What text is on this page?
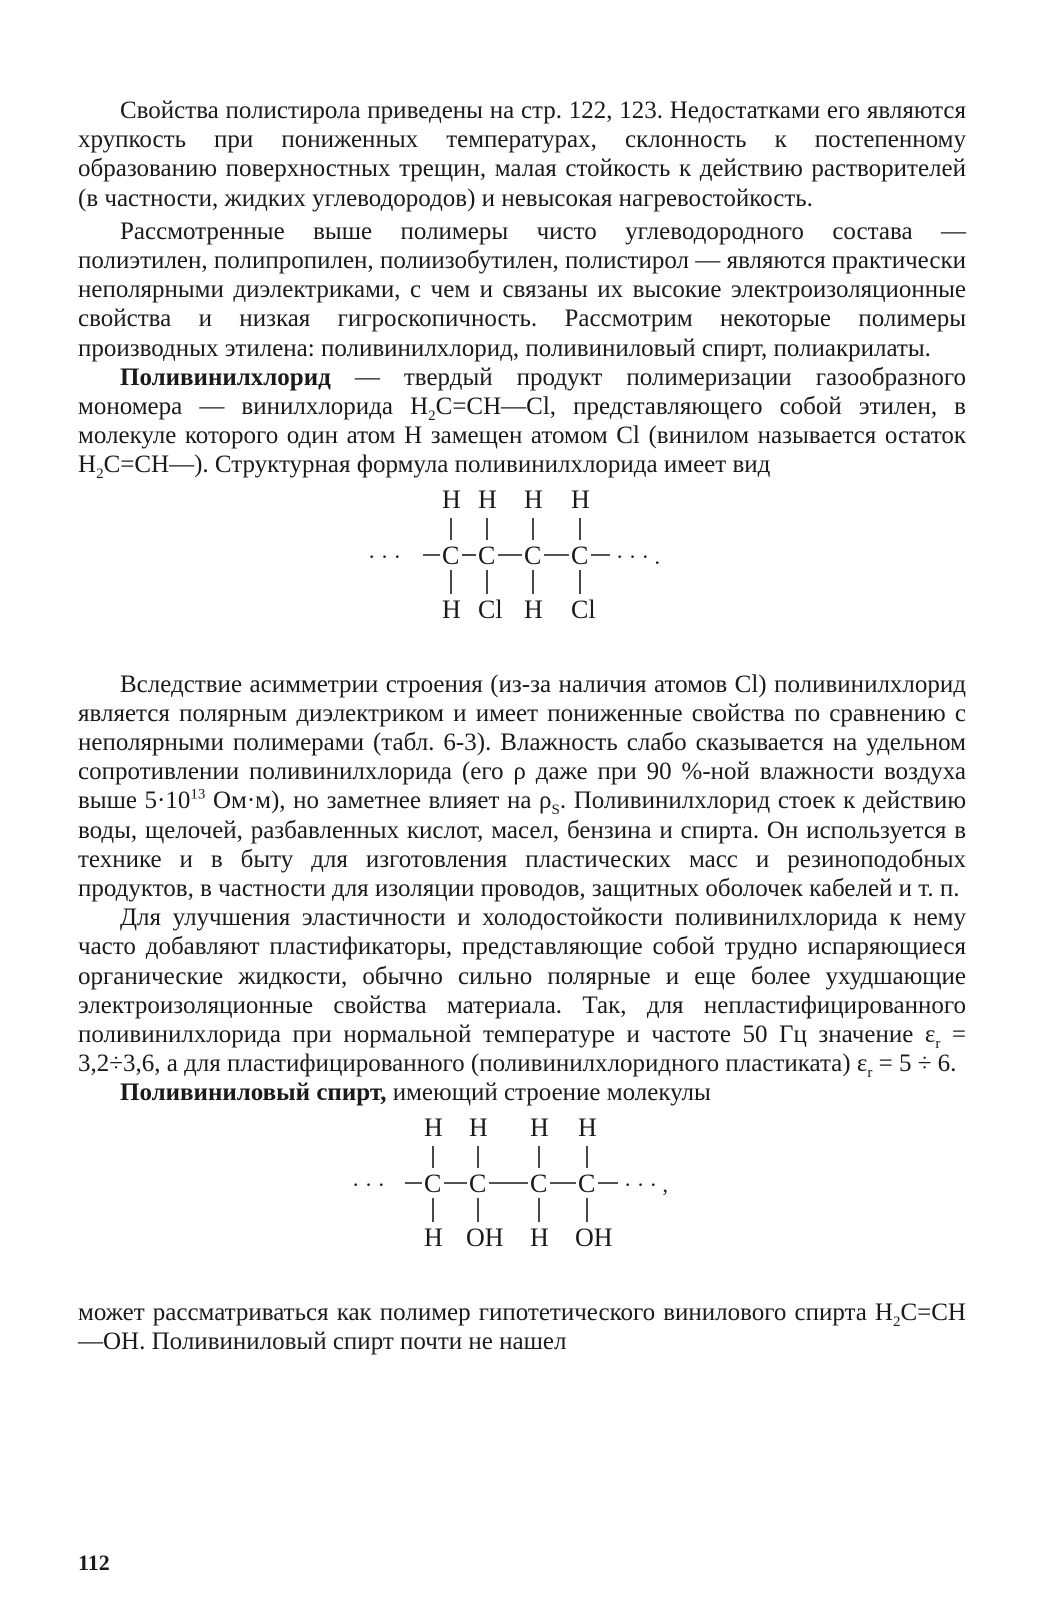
Свойства полистирола приведены на стр. 122, 123. Недостатками его являются хрупкость при пониженных температурах, склонность к постепенному образованию поверхностных трещин, малая стойкость к действию растворителей (в частности, жидких углеводородов) и невысокая нагревостойкость.

Рассмотренные выше полимеры чисто углеводородного состава — полиэтилен, полипропилен, полиизобутилен, полистирол — являются практически неполярными диэлектриками, с чем и связаны их высокие электроизоляционные свойства и низкая гигроскопичность. Рассмотрим некоторые полимеры производных этилена: поливинилхлорид, поливиниловый спирт, полиакрилаты.

Поливинилхлорид — твердый продукт полимеризации газообразного мономера — винилхлорида $H_2C=CH—Cl$, представляющего собой этилен, в молекуле которого один атом H замещен атомом Cl (винилом называется остаток $H_2C=CH—$). Структурная формула поливинилхлорида имеет вид

H H H H
· · · C C C C · · · .
H Cl H Cl

Вследствие асимметрии строения (из-за наличия атомов Cl) поливинилхлорид является полярным диэлектриком и имеет пониженные свойства по сравнению с неполярными полимерами (табл. 6-3). Влажность слабо сказывается на удельном сопротивлении поливинилхлорида (его ρ даже при 90 %-ной влажности воздуха выше $5\cdot 10^{13}$ Ом·м), но заметнее влияет на $\rho_S$. Поливинилхлорид стоек к действию воды, щелочей, разбавленных кислот, масел, бензина и спирта. Он используется в технике и в быту для изготовления пластических масс и резиноподобных продуктов, в частности для изоляции проводов, защитных оболочек кабелей и т. п.

Для улучшения эластичности и холодостойкости поливинилхлорида к нему часто добавляют пластификаторы, представляющие собой трудно испаряющиеся органические жидкости, обычно сильно полярные и еще более ухудшающие электроизоляционные свойства материала. Так, для непластифицированного поливинилхлорида при нормальной температуре и частоте 50 Гц значение $\varepsilon_r = 3,2\div 3,6$, а для пластифицированного (поливинилхлоридного пластиката) $\varepsilon_r = 5 \div 6$.

Поливиниловый спирт, имеющий строение молекулы

H H H H
· · · C C C C · · · ,
H OH H OH

может рассматриваться как полимер гипотетического винилового спирта $H_2C=CH—OH$. Поливиниловый спирт почти не нашел

112
